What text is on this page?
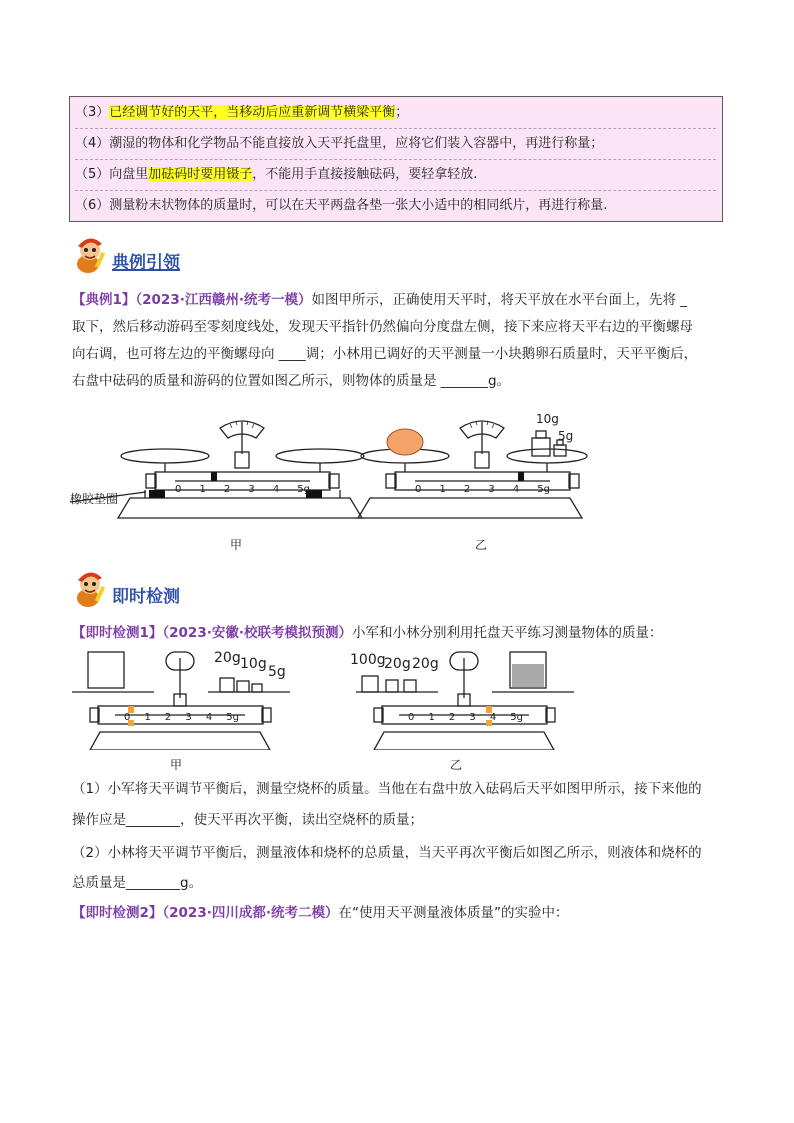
（3）已经调节好的天平，当移动后应重新调节横梁平衡；
（4）潮湿的物体和化学物品不能直接放入天平托盘里，应将它们装入容器中，再进行称量；
（5）向盘里加砝码时要用镊子，不能用手直接接触砝码，要轻拿轻放.
（6）测量粉末状物体的质量时，可以在天平两盘各垫一张大小适中的相同纸片，再进行称量.
典例引领
【典例1】（2023·江西赣州·统考一模）如图甲所示，正确使用天平时，将天平放在水平台面上，先将 _
取下，然后移动游码至零刻度线处，发现天平指针仍然偏向分度盘左侧，接下来应将天平右边的平衡螺母
向右调，也可将左边的平衡螺母向 ____调；小林用已调好的天平测量一小块鹅卵石质量时，天平平衡后，
右盘中砝码的质量和游码的位置如图乙所示，则物体的质量是 _______g。
0 1 2 3 4 5g	0 1 2 3 4 5g
橡胶垫圈
10g
5g
甲	乙
即时检测
【即时检测1】（2023·安徽·校联考模拟预测）小军和小林分别利用托盘天平练习测量物体的质量：
0 1 2 3 4 5g	0 1 2 3 4 5g
20g 10g 5g
100g
20g 20g
甲	乙
（1）小军将天平调节平衡后，测量空烧杯的质量。当他在右盘中放入砝码后天平如图甲所示，接下来他的
操作应是________，使天平再次平衡，读出空烧杯的质量；
（2）小林将天平调节平衡后，测量液体和烧杯的总质量，当天平再次平衡后如图乙所示，则液体和烧杯的
总质量是________g。
【即时检测2】（2023·四川成都·统考二模）在“使用天平测量液体质量”的实验中：
